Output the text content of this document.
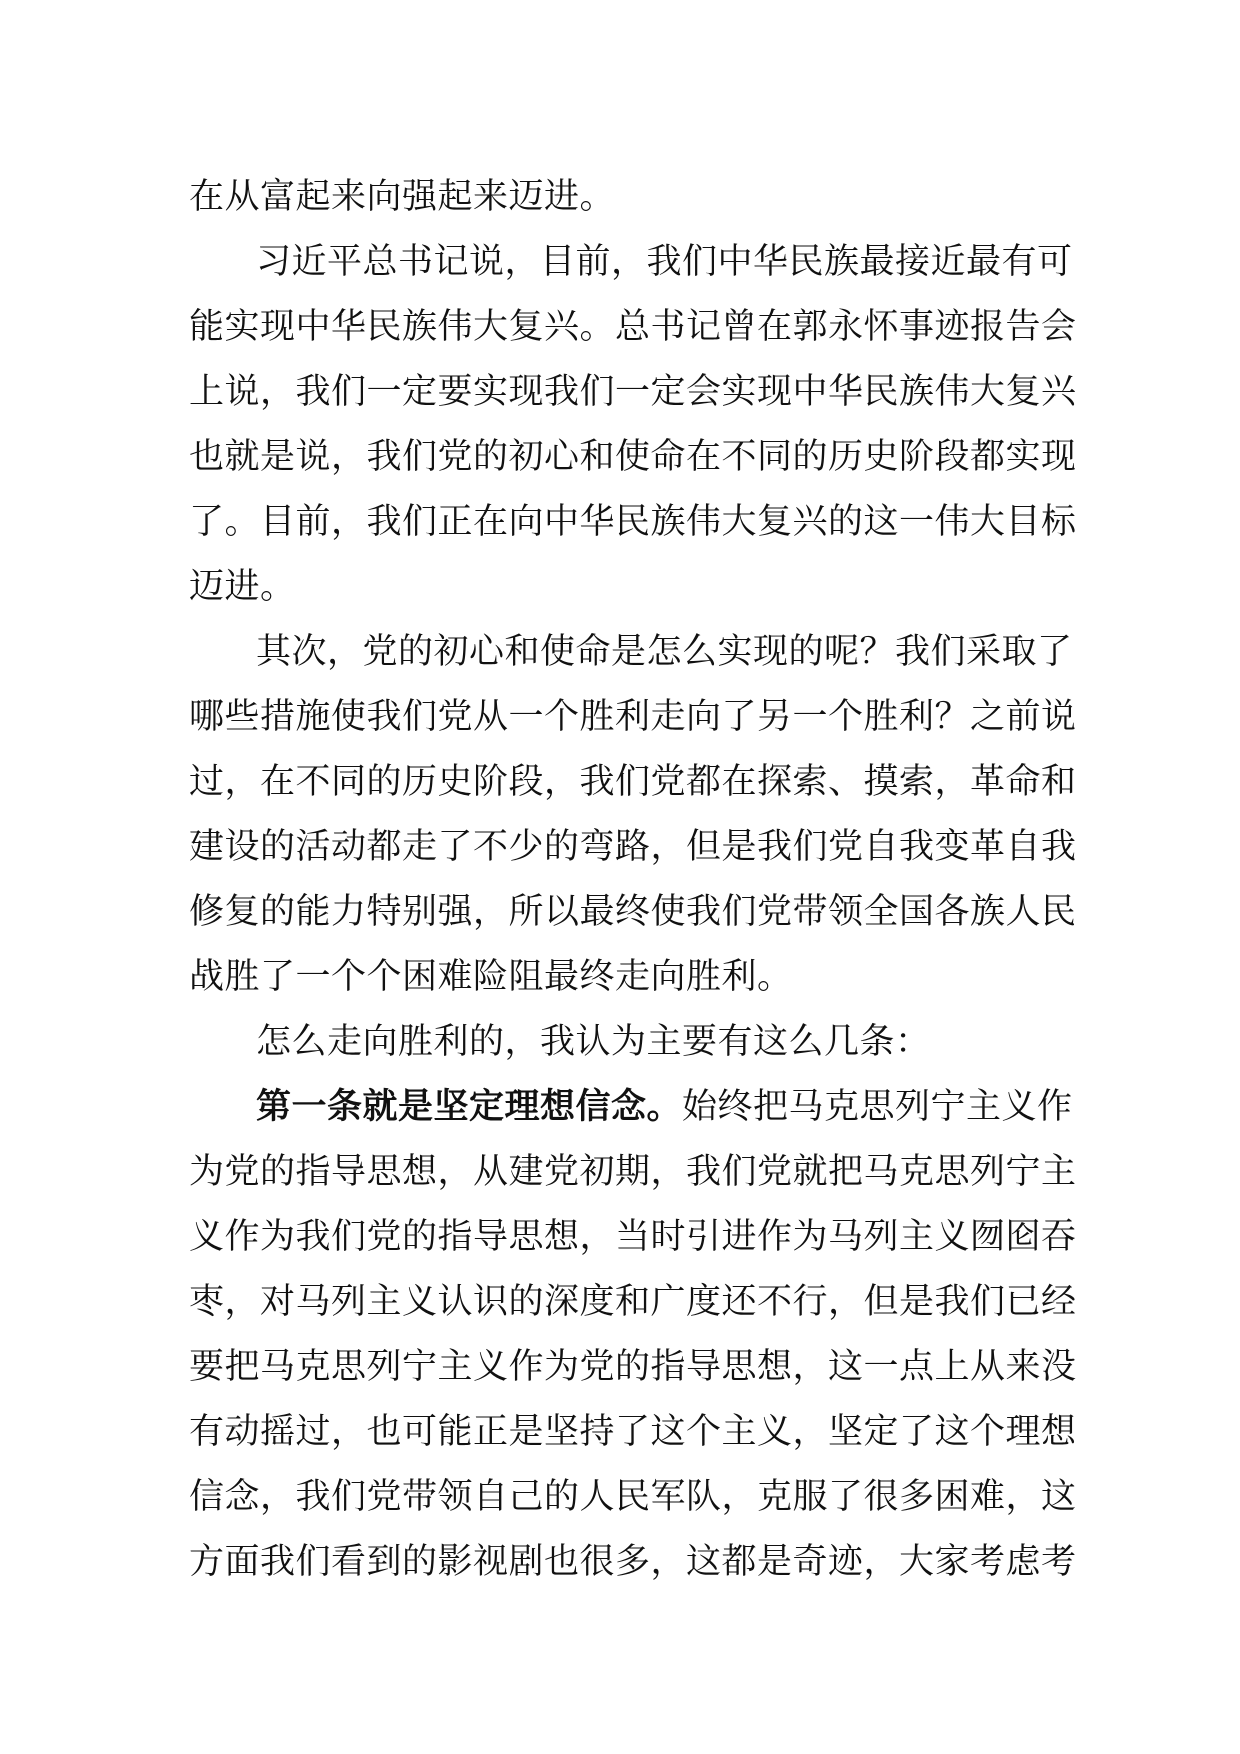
在从富起来向强起来迈进。
习近平总书记说，目前，我们中华民族最接近最有可
能实现中华民族伟大复兴。总书记曾在郭永怀事迹报告会
上说，我们一定要实现我们一定会实现中华民族伟大复兴
也就是说，我们党的初心和使命在不同的历史阶段都实现
了。目前，我们正在向中华民族伟大复兴的这一伟大目标
迈进。
其次，党的初心和使命是怎么实现的呢？我们采取了
哪些措施使我们党从一个胜利走向了另一个胜利？之前说
过，在不同的历史阶段，我们党都在探索、摸索，革命和
建设的活动都走了不少的弯路，但是我们党自我变革自我
修复的能力特别强，所以最终使我们党带领全国各族人民
战胜了一个个困难险阻最终走向胜利。
怎么走向胜利的，我认为主要有这么几条：
第一条就是坚定理想信念。始终把马克思列宁主义作
为党的指导思想，从建党初期，我们党就把马克思列宁主
义作为我们党的指导思想，当时引进作为马列主义囫囵吞
枣，对马列主义认识的深度和广度还不行，但是我们已经
要把马克思列宁主义作为党的指导思想，这一点上从来没
有动摇过，也可能正是坚持了这个主义，坚定了这个理想
信念，我们党带领自己的人民军队，克服了很多困难，这
方面我们看到的影视剧也很多，这都是奇迹，大家考虑考
